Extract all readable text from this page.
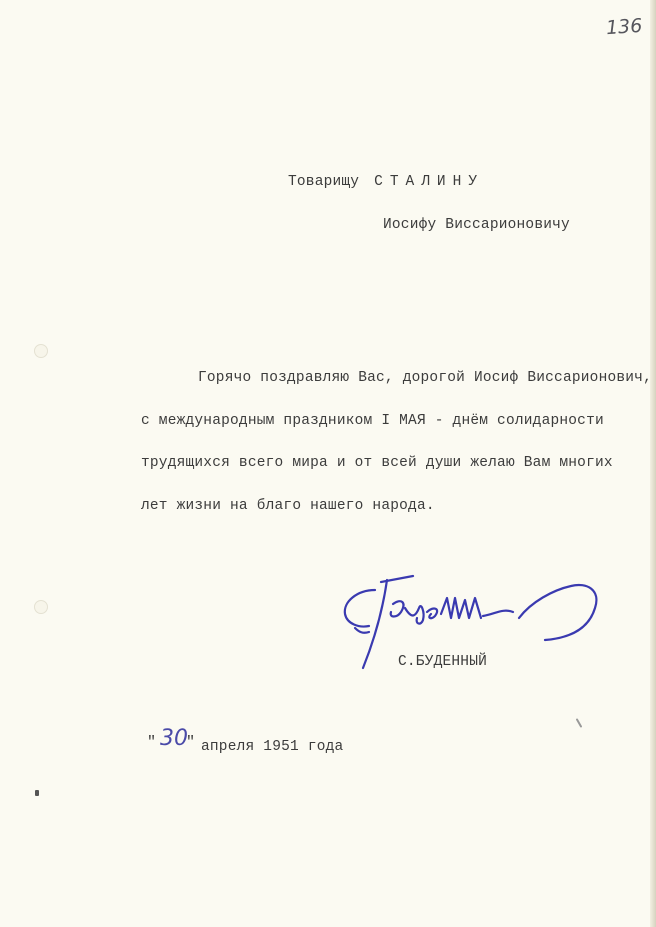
136
Товарищу СТАЛИНУ
Иосифу Виссарионовичу
Горячо поздравляю Вас, дорогой Иосиф Виссарионович,
с международным праздником I МАЯ - днём солидарности
трудящихся всего мира и от всей души желаю Вам многих
лет жизни на благо нашего народа.
С.БУДЕННЫЙ
" 30
" апреля 1951 года
